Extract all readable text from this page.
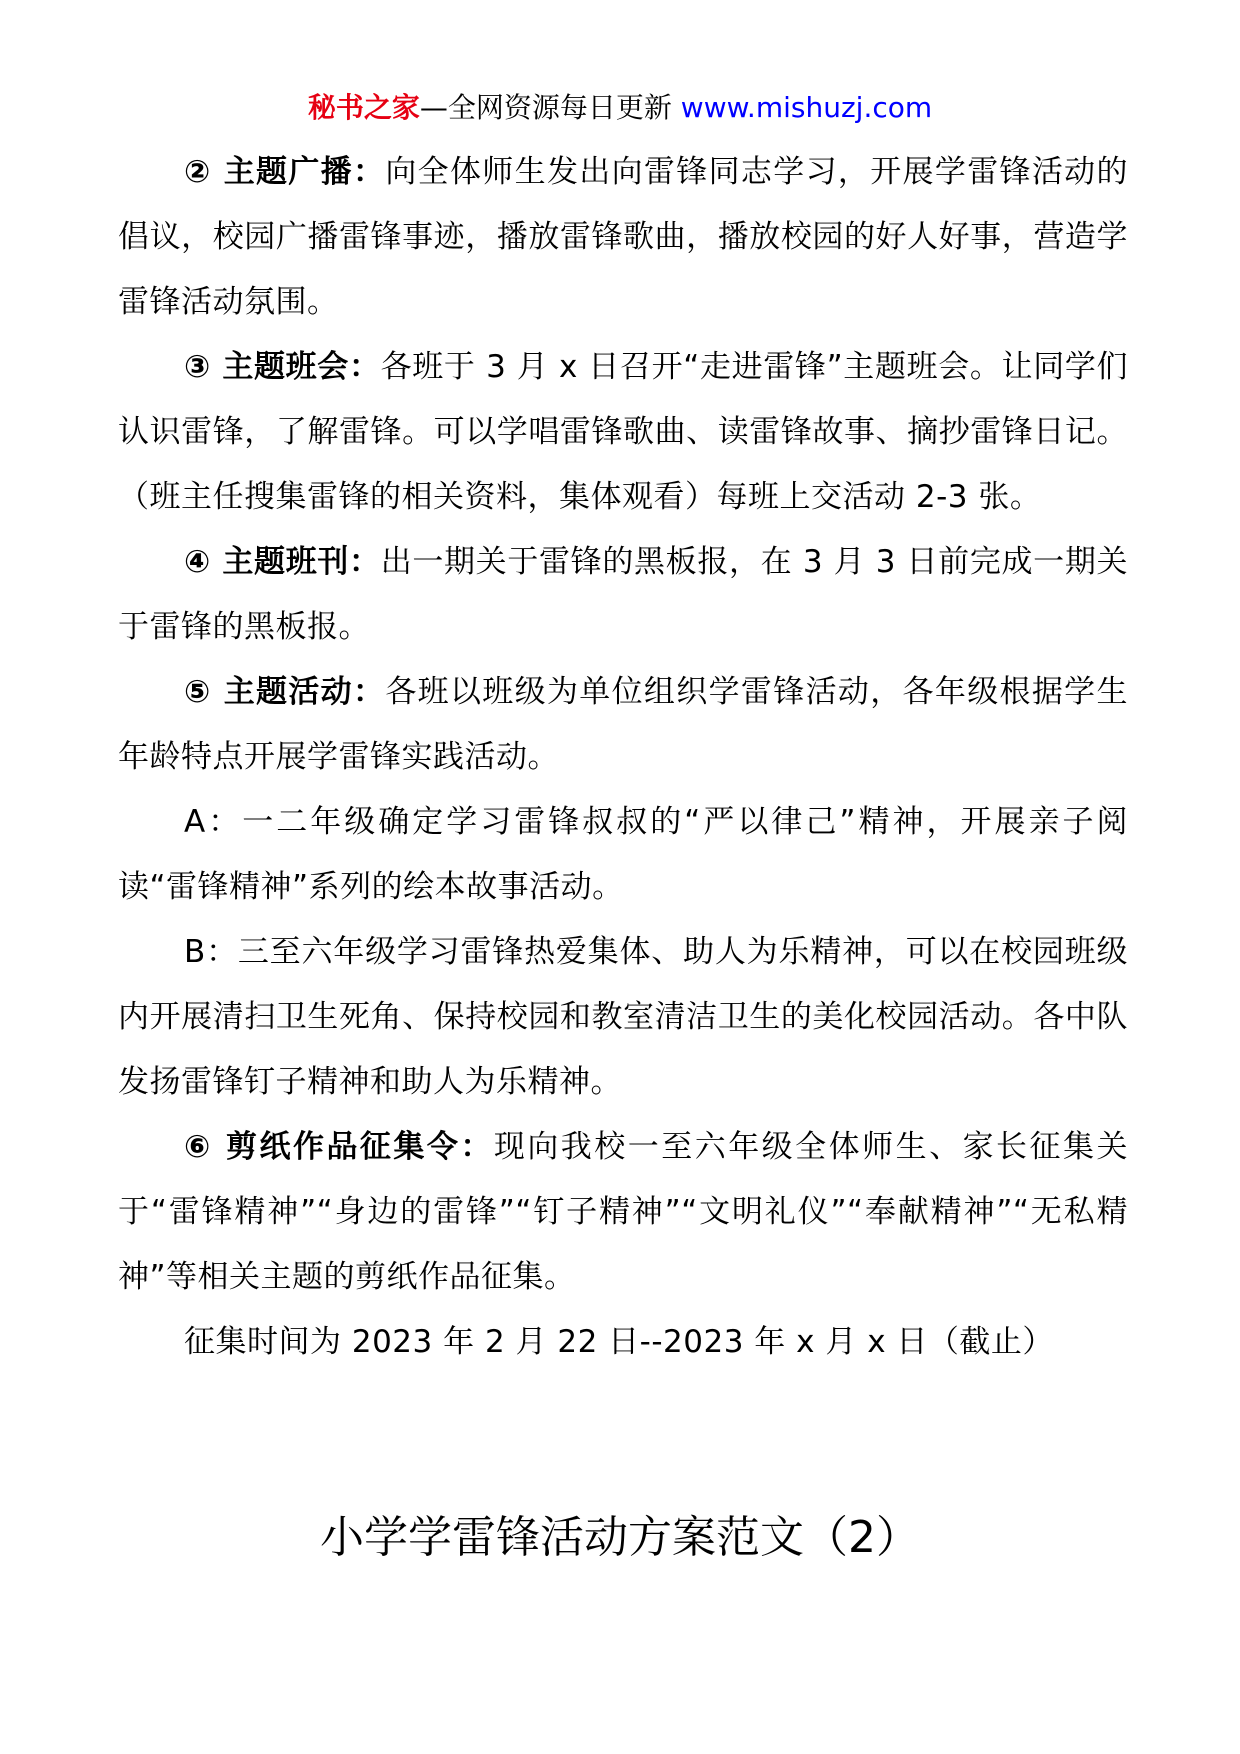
秘书之家—全网资源每日更新 www.mishuzj.com

② 主题广播：向全体师生发出向雷锋同志学习，开展学雷锋活动的倡议，校园广播雷锋事迹，播放雷锋歌曲，播放校园的好人好事，营造学雷锋活动氛围。

③ 主题班会：各班于 3 月 x 日召开“走进雷锋”主题班会。让同学们认识雷锋，了解雷锋。可以学唱雷锋歌曲、读雷锋故事、摘抄雷锋日记。（班主任搜集雷锋的相关资料，集体观看）每班上交活动 2-3 张。

④ 主题班刊：出一期关于雷锋的黑板报，在 3 月 3 日前完成一期关于雷锋的黑板报。

⑤ 主题活动：各班以班级为单位组织学雷锋活动，各年级根据学生年龄特点开展学雷锋实践活动。

A：一二年级确定学习雷锋叔叔的“严以律己”精神，开展亲子阅读“雷锋精神”系列的绘本故事活动。

B：三至六年级学习雷锋热爱集体、助人为乐精神，可以在校园班级内开展清扫卫生死角、保持校园和教室清洁卫生的美化校园活动。各中队发扬雷锋钉子精神和助人为乐精神。

⑥ 剪纸作品征集令：现向我校一至六年级全体师生、家长征集关于“雷锋精神”“身边的雷锋”“钉子精神”“文明礼仪”“奉献精神”“无私精神”等相关主题的剪纸作品征集。

征集时间为 2023 年 2 月 22 日--2023 年 x 月 x 日（截止）

小学学雷锋活动方案范文（2）
